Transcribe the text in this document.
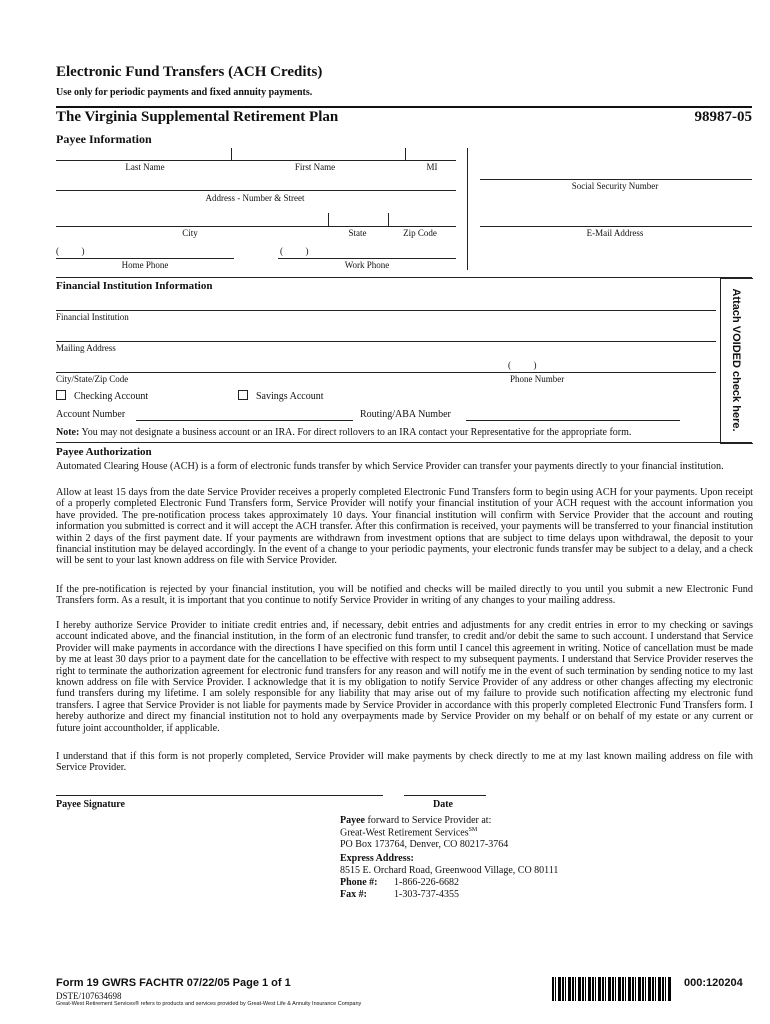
Electronic Fund Transfers (ACH Credits)
Use only for periodic payments and fixed annuity payments.
The Virginia Supplemental Retirement Plan	98987-05
Payee Information
Last Name	First Name	MI
Social Security Number
Address - Number & Street
City	State	Zip Code	E-Mail Address
(          )
Home Phone
(          )
Work Phone
Financial Institution Information
Financial Institution
Mailing Address
(          )
City/State/Zip Code	Phone Number
Checking Account	Savings Account
Account Number	Routing/ABA Number
Note: You may not designate a business account or an IRA. For direct rollovers to an IRA contact your Representative for the appropriate form.
Attach VOIDED check here.
Payee Authorization

Automated Clearing House (ACH) is a form of electronic funds transfer by which Service Provider can transfer your payments directly to your financial institution.

Allow at least 15 days from the date Service Provider receives a properly completed Electronic Fund Transfers form to begin using ACH for your payments. Upon receipt of a properly completed Electronic Fund Transfers form, Service Provider will notify your financial institution of your ACH request with the account information you have provided. The pre-notification process takes approximately 10 days. Your financial institution will confirm with Service Provider that the account and routing information you submitted is correct and it will accept the ACH transfer. After this confirmation is received, your payments will be transferred to your financial institution within 2 days of the first payment date. If your payments are withdrawn from investment options that are subject to time delays upon withdrawal, the deposit to your financial institution may be delayed accordingly. In the event of a change to your periodic payments, your electronic funds transfer may be subject to a delay, and a check will be sent to your last known address on file with Service Provider.

If the pre-notification is rejected by your financial institution, you will be notified and checks will be mailed directly to you until you submit a new Electronic Fund Transfers form. As a result, it is important that you continue to notify Service Provider in writing of any changes to your mailing address.

I hereby authorize Service Provider to initiate credit entries and, if necessary, debit entries and adjustments for any credit entries in error to my checking or savings account indicated above, and the financial institution, in the form of an electronic fund transfer, to credit and/or debit the same to such account. I understand that Service Provider will make payments in accordance with the directions I have specified on this form until I cancel this agreement in writing. Notice of cancellation must be made by me at least 30 days prior to a payment date for the cancellation to be effective with respect to my subsequent payments. I understand that Service Provider reserves the right to terminate the authorization agreement for electronic fund transfers for any reason and will notify me in the event of such termination by sending notice to my last known address on file with Service Provider. I acknowledge that it is my obligation to notify Service Provider of any address or other changes affecting my electronic fund transfers during my lifetime. I am solely responsible for any liability that may arise out of my failure to provide such notification affecting my electronic fund transfers. I agree that Service Provider is not liable for payments made by Service Provider in accordance with this properly completed Electronic Fund Transfers form. I hereby authorize and direct my financial institution not to hold any overpayments made by Service Provider on my behalf or on behalf of my estate or any current or future joint accountholder, if applicable.

I understand that if this form is not properly completed, Service Provider will make payments by check directly to me at my last known mailing address on file with Service Provider.

Payee Signature	Date
Payee forward to Service Provider at:
Great-West Retirement Services℠
PO Box 173764, Denver, CO 80217-3764
Express Address:
8515 E. Orchard Road, Greenwood Village, CO 80111
Phone #: 1-866-226-6682
Fax #:	1-303-737-4355
Form 19 GWRS FACHTR 07/22/05 Page 1 of 1
DSTE/107634698
Great-West Retirement Services® refers to products and services provided by Great-West Life & Annuity Insurance Company
000:120204
